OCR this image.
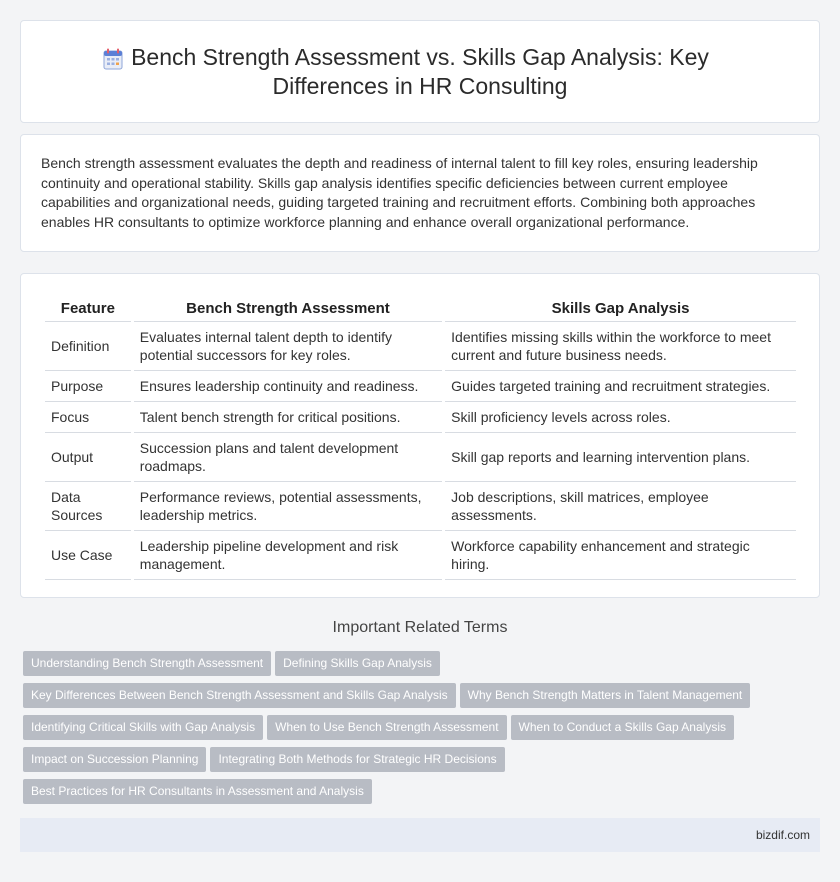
Bench Strength Assessment vs. Skills Gap Analysis: Key Differences in HR Consulting

Bench strength assessment evaluates the depth and readiness of internal talent to fill key roles, ensuring leadership continuity and operational stability. Skills gap analysis identifies specific deficiencies between current employee capabilities and organizational needs, guiding targeted training and recruitment efforts. Combining both approaches enables HR consultants to optimize workforce planning and enhance overall organizational performance.

Feature	Bench Strength Assessment	Skills Gap Analysis
Definition	Evaluates internal talent depth to identify potential successors for key roles.	Identifies missing skills within the workforce to meet current and future business needs.
Purpose	Ensures leadership continuity and readiness.	Guides targeted training and recruitment strategies.
Focus	Talent bench strength for critical positions.	Skill proficiency levels across roles.
Output	Succession plans and talent development roadmaps.	Skill gap reports and learning intervention plans.
Data Sources	Performance reviews, potential assessments, leadership metrics.	Job descriptions, skill matrices, employee assessments.
Use Case	Leadership pipeline development and risk management.	Workforce capability enhancement and strategic hiring.
Important Related Terms
Understanding Bench Strength Assessment Defining Skills Gap Analysis
Key Differences Between Bench Strength Assessment and Skills Gap Analysis Why Bench Strength Matters in Talent Management
Identifying Critical Skills with Gap Analysis When to Use Bench Strength Assessment When to Conduct a Skills Gap Analysis
Impact on Succession Planning Integrating Both Methods for Strategic HR Decisions
Best Practices for HR Consultants in Assessment and Analysis
bizdif.com
